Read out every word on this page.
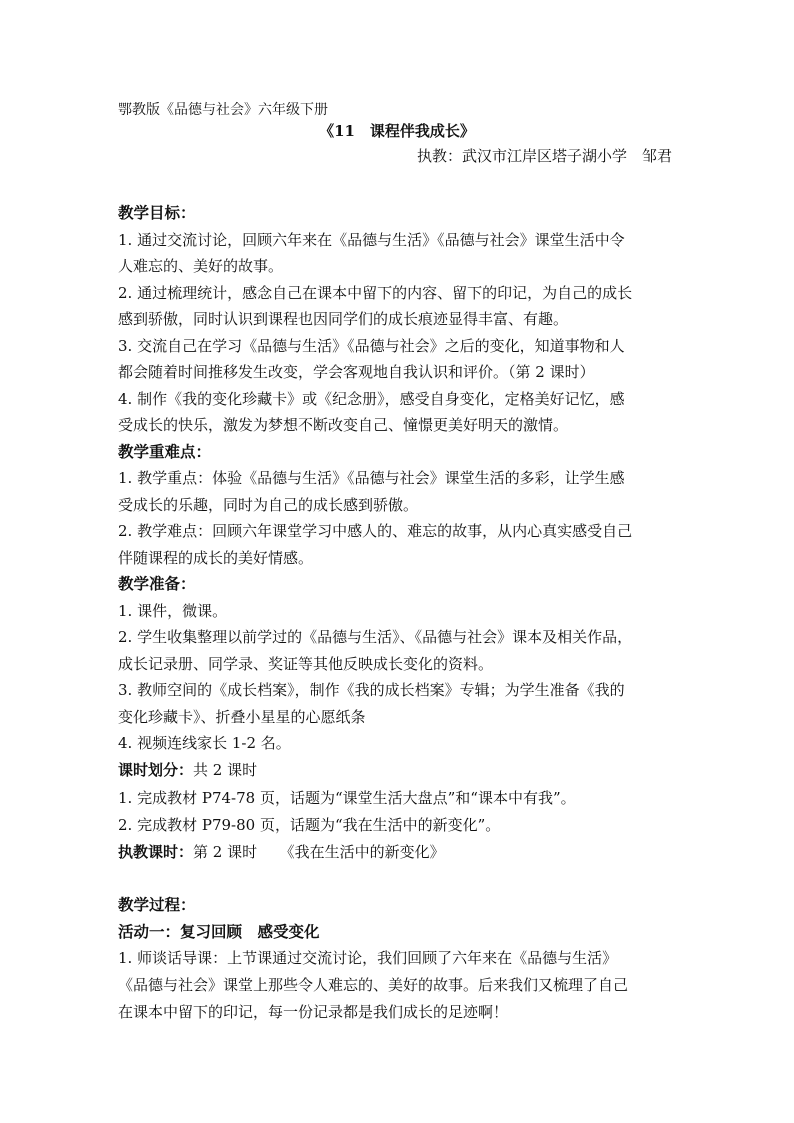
鄂教版《品德与社会》六年级下册
《11　课程伴我成长》
执教：武汉市江岸区塔子湖小学　邹君
教学目标：
1. 通过交流讨论，回顾六年来在《品德与生活》《品德与社会》课堂生活中令
人难忘的、美好的故事。
2. 通过梳理统计，感念自己在课本中留下的内容、留下的印记，为自己的成长
感到骄傲，同时认识到课程也因同学们的成长痕迹显得丰富、有趣。
3. 交流自己在学习《品德与生活》《品德与社会》之后的变化，知道事物和人
都会随着时间推移发生改变，学会客观地自我认识和评价。（第 2 课时）
4. 制作《我的变化珍藏卡》或《纪念册》，感受自身变化，定格美好记忆，感
受成长的快乐，激发为梦想不断改变自己、憧憬更美好明天的激情。
教学重难点：
1. 教学重点：体验《品德与生活》《品德与社会》课堂生活的多彩，让学生感
受成长的乐趣，同时为自己的成长感到骄傲。
2. 教学难点：回顾六年课堂学习中感人的、难忘的故事，从内心真实感受自己
伴随课程的成长的美好情感。
教学准备：
1. 课件，微课。
2. 学生收集整理以前学过的《品德与生活》、《品德与社会》课本及相关作品，
成长记录册、同学录、奖证等其他反映成长变化的资料。
3. 教师空间的《成长档案》，制作《我的成长档案》专辑；为学生准备《我的
变化珍藏卡》、折叠小星星的心愿纸条
4. 视频连线家长 1-2 名。
课时划分：共 2 课时
1. 完成教材 P74-78 页，话题为“课堂生活大盘点”和“课本中有我”。
2. 完成教材 P79-80 页，话题为“我在生活中的新变化”。
执教课时：第 2 课时　　《我在生活中的新变化》
教学过程：
活动一：复习回顾　感受变化
1. 师谈话导课：上节课通过交流讨论，我们回顾了六年来在《品德与生活》
《品德与社会》课堂上那些令人难忘的、美好的故事。后来我们又梳理了自己
在课本中留下的印记，每一份记录都是我们成长的足迹啊！
